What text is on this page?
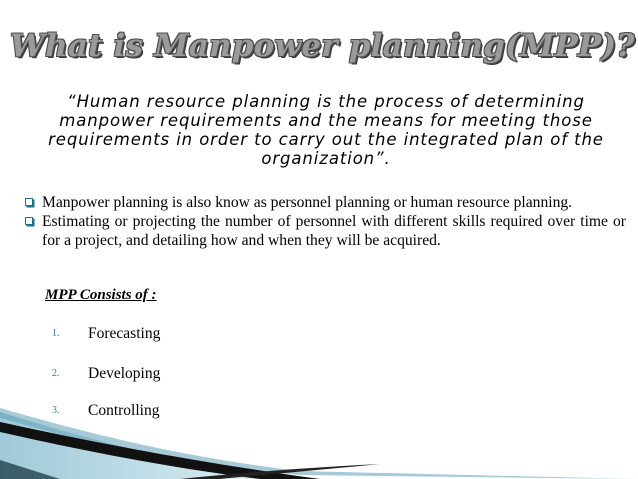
What is Manpower planning(MPP)?

“Human resource planning is the process of determining
manpower requirements and the means for meeting those
requirements in order to carry out the integrated plan of the
organization”.

Manpower planning is also know as personnel planning or human resource planning.
Estimating or projecting the number of personnel with different skills required over time or for a project, and detailing how and when they will be acquired.

MPP Consists of :

1. Forecasting
2. Developing
3. Controlling
